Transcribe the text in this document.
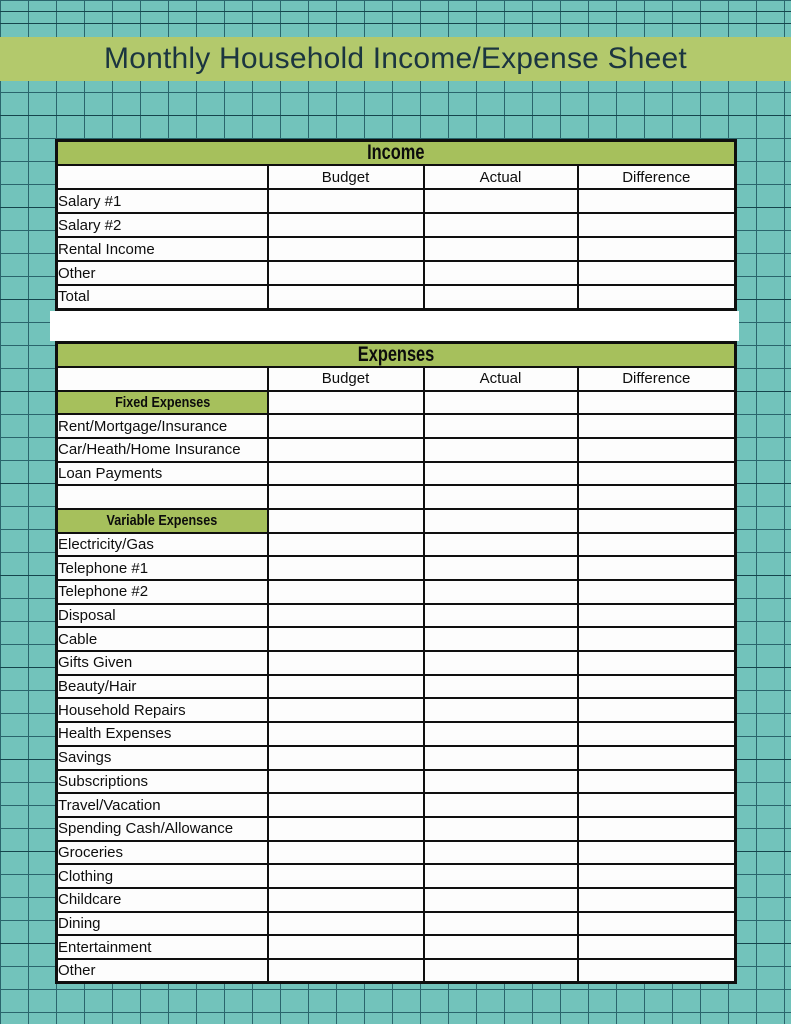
Monthly Household Income/Expense Sheet
Income			
	Budget	Actual	Difference
Salary #1			
Salary #2			
Rental Income			
Other			
Total			
Expenses			
	Budget	Actual	Difference
Fixed Expenses			
Rent/Mortgage/Insurance			
Car/Heath/Home Insurance			
Loan Payments			

Variable Expenses			
Electricity/Gas			
Telephone #1			
Telephone #2			
Disposal			
Cable			
Gifts Given			
Beauty/Hair			
Household Repairs			
Health Expenses			
Savings			
Subscriptions			
Travel/Vacation			
Spending Cash/Allowance			
Groceries			
Clothing			
Childcare			
Dining			
Entertainment			
Other			
